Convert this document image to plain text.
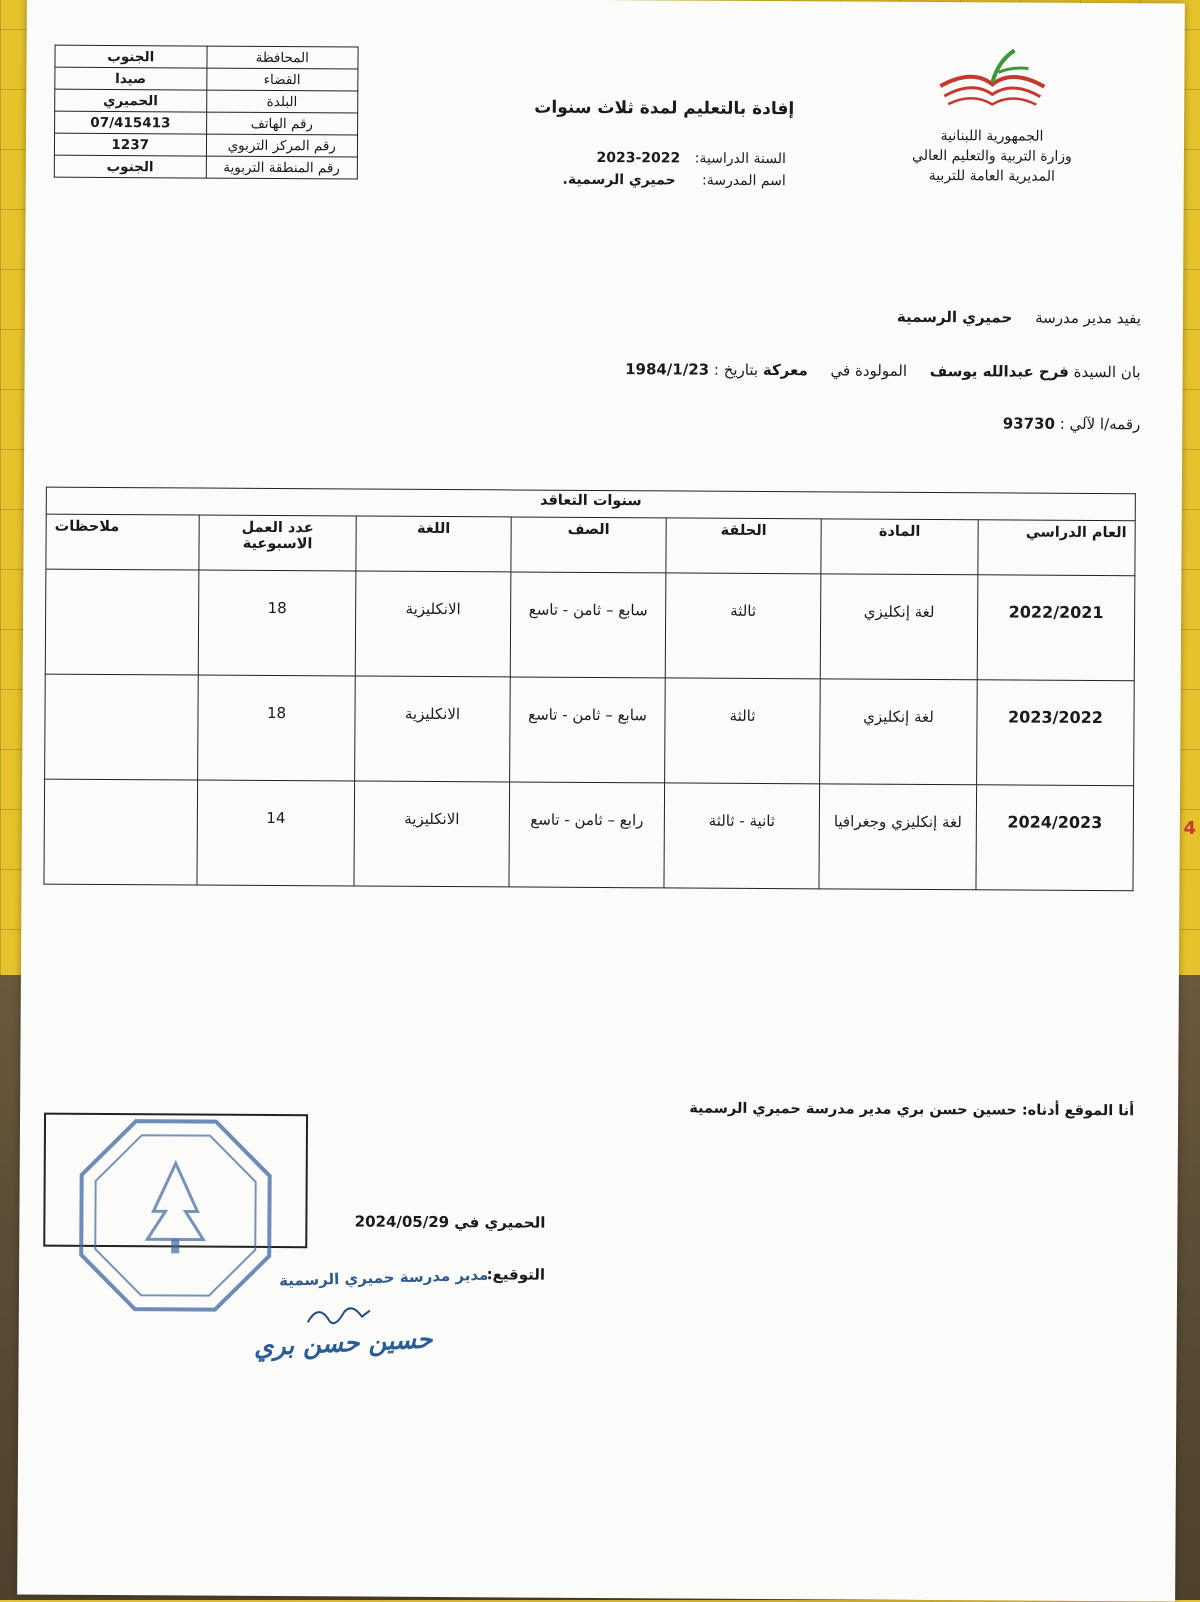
4
المحافظة	الجنوب
القضاء	صيدا
البلدة	الحميري
رقم الهاتف	07/415413
رقم المركز التربوي	1237
رقم المنطقة التربوية	الجنوب
الجمهورية اللبنانية
وزارة التربية والتعليم العالي
المديرية العامة للتربية
إفادة بالتعليم لمدة ثلاث سنوات
السنة الدراسية: 2022-2023
اسم المدرسة: حميري الرسمية.
يفيد مدير مدرسة حميري الرسمية
بان السيدة فرح عبدالله يوسف المولودة في معركة بتاريخ : 1984/1/23
رقمه/ا لآلي : 93730
سنوات التعاقد						
العام الدراسي	المادة	الحلقة	الصف	اللغة	عدد العمل الاسبوعية	ملاحظات
2022/2021	لغة إنكليزي	ثالثة	سابع – ثامن - تاسع	الانكليزية	18	
2023/2022	لغة إنكليزي	ثالثة	سابع – ثامن - تاسع	الانكليزية	18	
2024/2023	لغة إنكليزي وجغرافيا	ثانية - ثالثة	رابع – ثامن - تاسع	الانكليزية	14	
أنا الموقع أدناه: حسين حسن بري مدير مدرسة حميري الرسمية
الحميري في 2024/05/29
التوقيع:
مدير مدرسة حميري الرسمية
حسين حسن بري
